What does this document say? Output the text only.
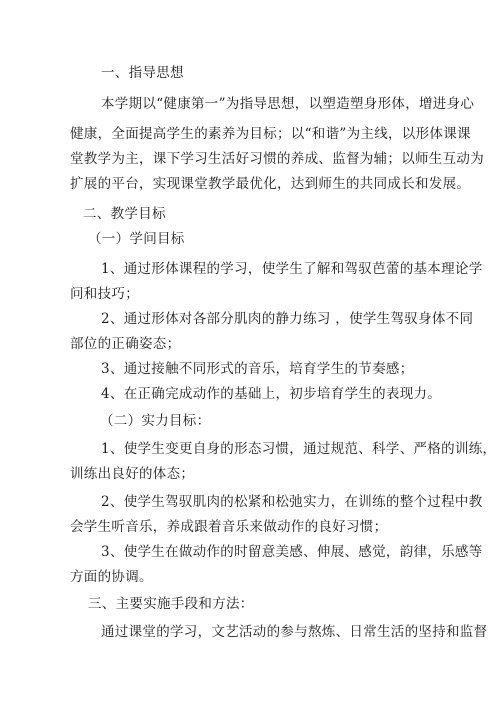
一、指导思想
本学期以“健康第一”为指导思想，以塑造塑身形体，增进身心
健康，全面提高学生的素养为目标；以“和谐”为主线，以形体课课
堂教学为主，课下学习生活好习惯的养成、监督为辅；以师生互动为
扩展的平台，实现课堂教学最优化，达到师生的共同成长和发展。
二、教学目标
（一）学问目标
1、通过形体课程的学习，使学生了解和驾驭芭蕾的基本理论学
问和技巧；
2、通过形体对各部分肌肉的静力练习 ，使学生驾驭身体不同
部位的正确姿态；
3、通过接触不同形式的音乐，培育学生的节奏感；
4、在正确完成动作的基础上，初步培育学生的表现力。
（二）实力目标：
1、使学生变更自身的形态习惯，通过规范、科学、严格的训练，
训练出良好的体态；
2、使学生驾驭肌肉的松紧和松弛实力，在训练的整个过程中教
会学生听音乐，养成跟着音乐来做动作的良好习惯；
3、使学生在做动作的时留意美感、伸展、感觉，韵律，乐感等
方面的协调。
三、主要实施手段和方法：
通过课堂的学习，文艺活动的参与熬炼、日常生活的坚持和监督
